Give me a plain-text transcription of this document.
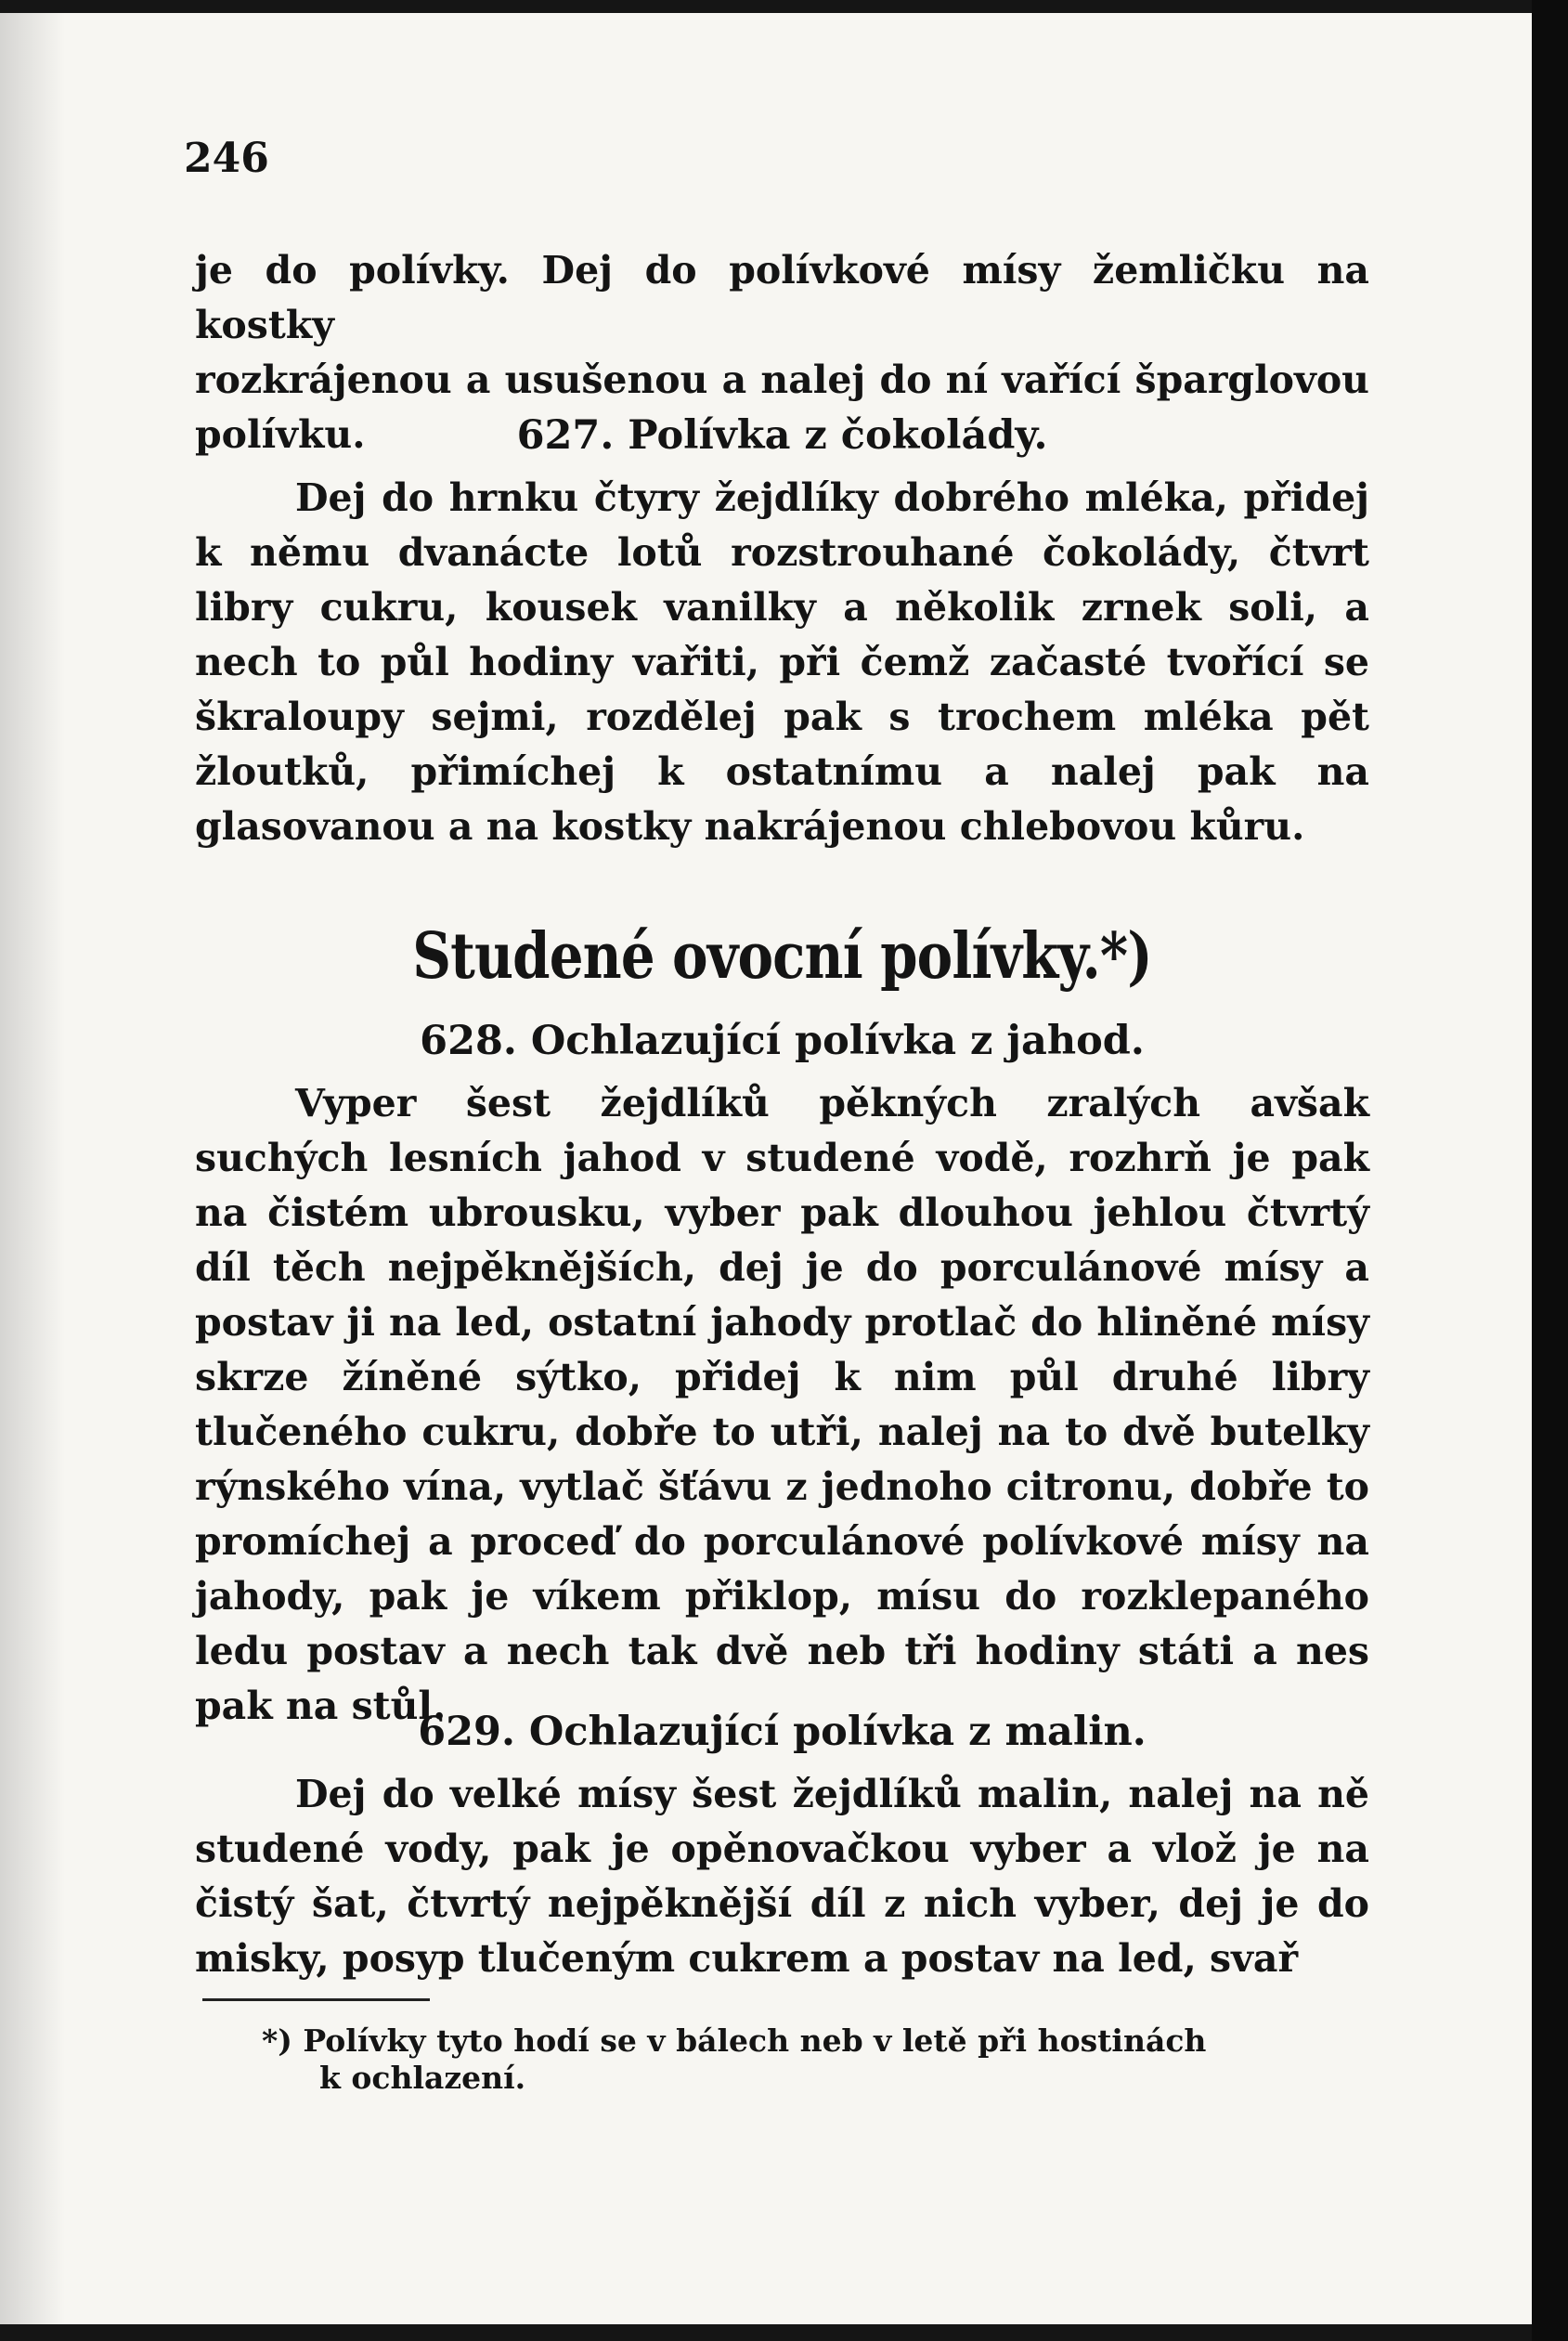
246

je do polívky. Dej do polívkové mísy žemličku na kostky

rozkrájenou a usušenou a nalej do ní vařící šparglovou

polívku.	627. Polívka z čokolády.

Dej do hrnku čtyry žejdlíky dobrého mléka, přidej k němu dvanácte lotů rozstrouhané čokolády, čtvrt libry cukru, kousek vanilky a několik zrnek soli, a nech to půl hodiny vařiti, při čemž začasté tvořící se škraloupy sejmi, rozdělej pak s trochem mléka pět žloutků, přimíchej k ostatnímu a nalej pak na glasovanou a na kostky nakrájenou chlebovou kůru.

Studené ovocní polívky.*)
628. Ochlazující polívka z jahod.

Vyper šest žejdlíků pěkných zralých avšak suchých lesních jahod v studené vodě, rozhrň je pak na čistém ubrousku, vyber pak dlouhou jehlou čtvrtý díl těch nejpěknějších, dej je do porculánové mísy a postav ji na led, ostatní jahody protlač do hliněné mísy skrze žíněné sýtko, přidej k nim půl druhé libry tlučeného cukru, dobře to utři, nalej na to dvě butelky rýnského vína, vytlač šťávu z jednoho citronu, dobře to promíchej a proceď do porculánové polívkové mísy na jahody, pak je víkem přiklop, mísu do rozklepaného ledu postav a nech tak dvě neb tři hodiny státi a nes pak na stůl.

629. Ochlazující polívka z malin.

Dej do velké mísy šest žejdlíků malin, nalej na ně studené vody, pak je opěnovačkou vyber a vlož je na čistý šat, čtvrtý nejpěknější díl z nich vyber, dej je do misky, posyp tlučeným cukrem a postav na led, svař

*) Polívky tyto hodí se v bálech neb v letě při hostinách

k ochlazení.
